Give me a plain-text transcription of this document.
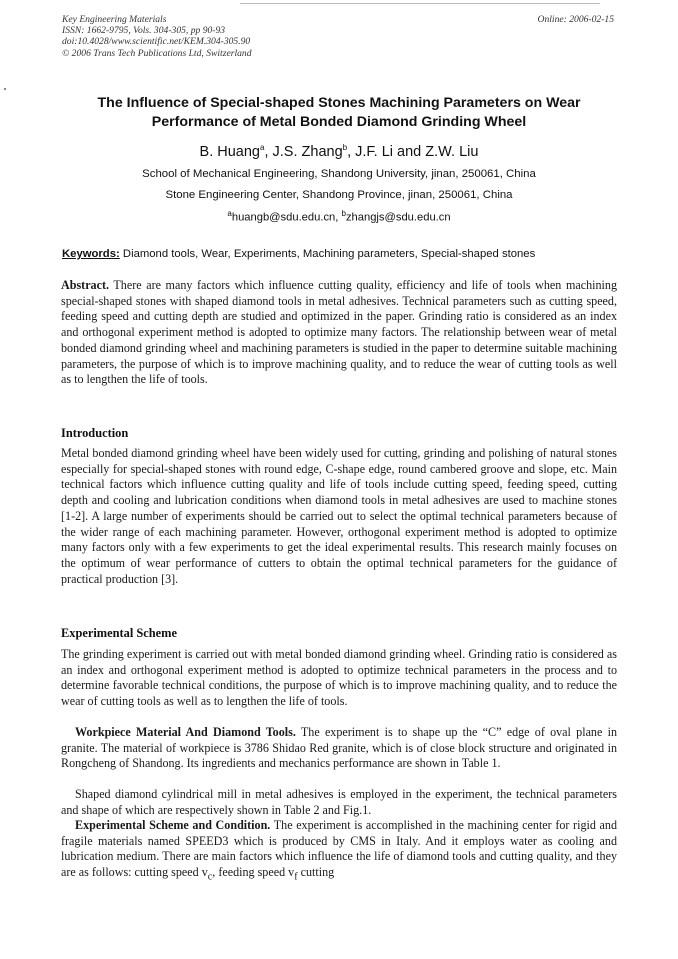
Key Engineering Materials
ISSN: 1662-9795, Vols. 304-305, pp 90-93
doi:10.4028/www.scientific.net/KEM.304-305.90
© 2006 Trans Tech Publications Ltd, Switzerland
Online: 2006-02-15
The Influence of Special-shaped Stones Machining Parameters on Wear
Performance of Metal Bonded Diamond Grinding Wheel
B. Huang$^a$, J.S. Zhang$^b$, J.F. Li and Z.W. Liu
School of Mechanical Engineering, Shandong University, jinan, 250061, China
Stone Engineering Center, Shandong Province, jinan, 250061, China
$^a$huangb@sdu.edu.cn, $^b$zhangjs@sdu.edu.cn
Keywords: Diamond tools, Wear, Experiments, Machining parameters, Special-shaped stones

Abstract. There are many factors which influence cutting quality, efficiency and life of tools when machining special-shaped stones with shaped diamond tools in metal adhesives. Technical parameters such as cutting speed, feeding speed and cutting depth are studied and optimized in the paper. Grinding ratio is considered as an index and orthogonal experiment method is adopted to optimize many factors. The relationship between wear of metal bonded diamond grinding wheel and machining parameters is studied in the paper to determine suitable machining parameters, the purpose of which is to improve machining quality, and to reduce the wear of cutting tools as well as to lengthen the life of tools.

Introduction

Metal bonded diamond grinding wheel have been widely used for cutting, grinding and polishing of natural stones especially for special-shaped stones with round edge, C-shape edge, round cambered groove and slope, etc. Main technical factors which influence cutting quality and life of tools include cutting speed, feeding speed, cutting depth and cooling and lubrication conditions when diamond tools in metal adhesives are used to machine stones [1-2]. A large number of experiments should be carried out to select the optimal technical parameters because of the wider range of each machining parameter. However, orthogonal experiment method is adopted to optimize many factors only with a few experiments to get the ideal experimental results. This research mainly focuses on the optimum of wear performance of cutters to obtain the optimal technical parameters for the guidance of practical production [3].

Experimental Scheme

The grinding experiment is carried out with metal bonded diamond grinding wheel. Grinding ratio is considered as an index and orthogonal experiment method is adopted to optimize technical parameters in the process and to determine favorable technical conditions, the purpose of which is to improve machining quality, and to reduce the wear of cutting tools as well as to lengthen the life of tools.

Workpiece Material And Diamond Tools. The experiment is to shape up the “C” edge of oval plane in granite. The material of workpiece is 3786 Shidao Red granite, which is of close block structure and originated in Rongcheng of Shandong. Its ingredients and mechanics performance are shown in Table 1.

Shaped diamond cylindrical mill in metal adhesives is employed in the experiment, the technical parameters and shape of which are respectively shown in Table 2 and Fig.1.

Experimental Scheme and Condition. The experiment is accomplished in the machining center for rigid and fragile materials named SPEED3 which is produced by CMS in Italy. And it employs water as cooling and lubrication medium. There are main factors which influence the life of diamond tools and cutting quality, and they are as follows: cutting speed $v_c$, feeding speed $v_f$ cutting
